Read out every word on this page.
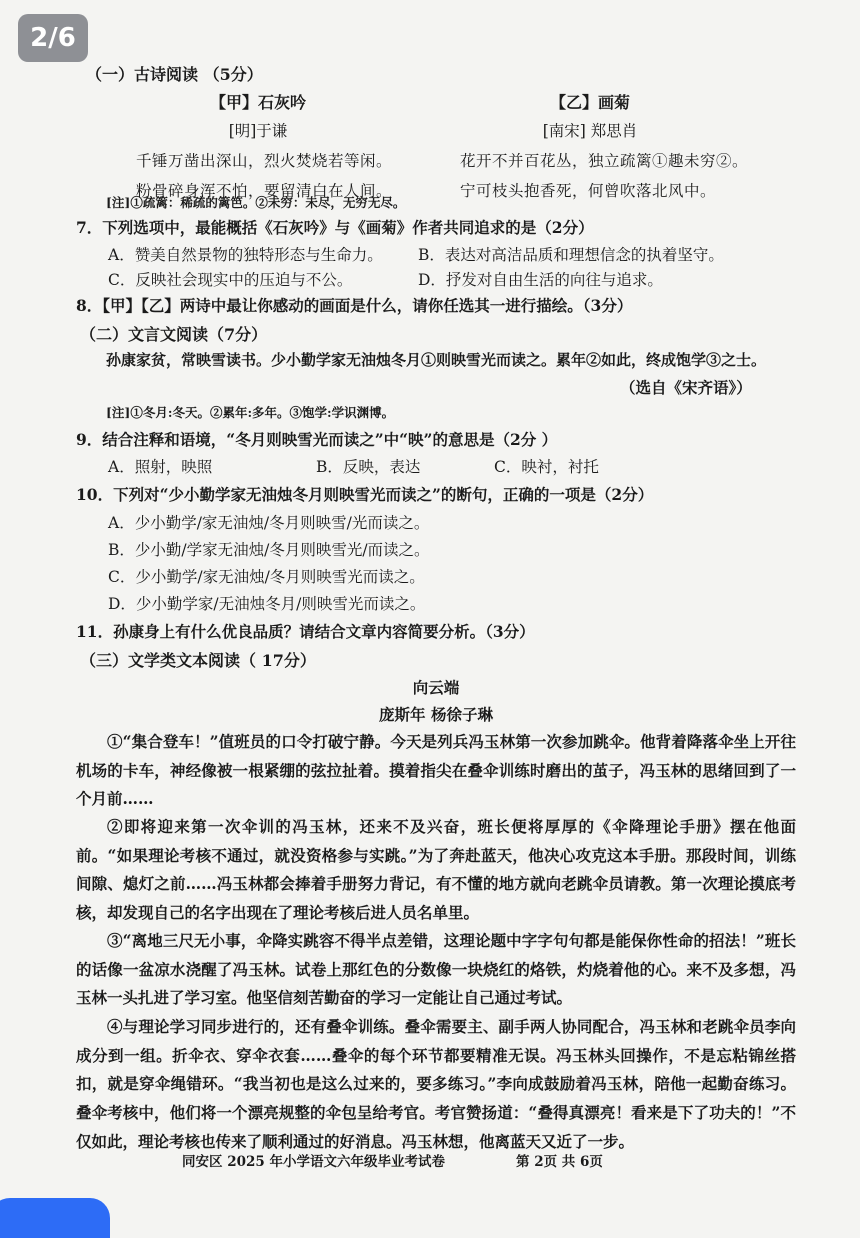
2/6
（一）古诗阅读 （5分）
【甲】石灰吟
[明]于谦
千锤万凿出深山，烈火焚烧若等闲。
粉骨碎身浑不怕，要留清白在人间。
【乙】画菊
[南宋] 郑思肖
花开不并百花丛，独立疏篱①趣未穷②。
宁可枝头抱香死，何曾吹落北风中。
[注]①疏篱：稀疏的篱笆。②未穷：未尽，无穷无尽。
7．下列选项中，最能概括《石灰吟》与《画菊》作者共同追求的是（2分）
A．赞美自然景物的独特形态与生命力。 B．表达对高洁品质和理想信念的执着坚守。
C．反映社会现实中的压迫与不公。	D．抒发对自由生活的向往与追求。
8．【甲】【乙】两诗中最让你感动的画面是什么，请你任选其一进行描绘。（3分）
（二）文言文阅读（7分）
孙康家贫，常映雪读书。少小勤学家无油烛冬月①则映雪光而读之。累年②如此，终成饱学③之士。
（选自《宋齐语》）
[注]①冬月:冬天。②累年:多年。③饱学:学识渊博。
9．结合注释和语境，“冬月则映雪光而读之”中“映”的意思是（2分 ）
A．照射，映照	B．反映，表达	C．映衬，衬托
10．下列对“少小勤学家无油烛冬月则映雪光而读之”的断句，正确的一项是（2分）
A．少小勤学/家无油烛/冬月则映雪/光而读之。
B．少小勤/学家无油烛/冬月则映雪光/而读之。
C．少小勤学/家无油烛/冬月则映雪光而读之。
D．少小勤学家/无油烛冬月/则映雪光而读之。
11．孙康身上有什么优良品质？请结合文章内容简要分析。（3分）
（三）文学类文本阅读（ 17分）
向云端
庞斯年 杨徐子琳
①“集合登车！”值班员的口令打破宁静。今天是列兵冯玉林第一次参加跳伞。他背着降落伞坐上开往机场的卡车，神经像被一根紧绷的弦拉扯着。摸着指尖在叠伞训练时磨出的茧子，冯玉林的思绪回到了一个月前……
②即将迎来第一次伞训的冯玉林，还来不及兴奋，班长便将厚厚的《伞降理论手册》摆在他面前。“如果理论考核不通过，就没资格参与实跳。”为了奔赴蓝天，他决心攻克这本手册。那段时间，训练间隙、熄灯之前……冯玉林都会捧着手册努力背记，有不懂的地方就向老跳伞员请教。第一次理论摸底考核，却发现自己的名字出现在了理论考核后进人员名单里。
③“离地三尺无小事，伞降实跳容不得半点差错，这理论题中字字句句都是能保你性命的招法！”班长的话像一盆凉水浇醒了冯玉林。试卷上那红色的分数像一块烧红的烙铁，灼烧着他的心。来不及多想，冯玉林一头扎进了学习室。他坚信刻苦勤奋的学习一定能让自己通过考试。
④与理论学习同步进行的，还有叠伞训练。叠伞需要主、副手两人协同配合，冯玉林和老跳伞员李向成分到一组。折伞衣、穿伞衣套……叠伞的每个环节都要精准无误。冯玉林头回操作，不是忘粘锦丝搭扣，就是穿伞绳错环。“我当初也是这么过来的，要多练习。”李向成鼓励着冯玉林，陪他一起勤奋练习。叠伞考核中，他们将一个漂亮规整的伞包呈给考官。考官赞扬道：“叠得真漂亮！看来是下了功夫的！”不仅如此，理论考核也传来了顺利通过的好消息。冯玉林想，他离蓝天又近了一步。
同安区 2025 年小学语文六年级毕业考试卷	第 2页 共 6页
